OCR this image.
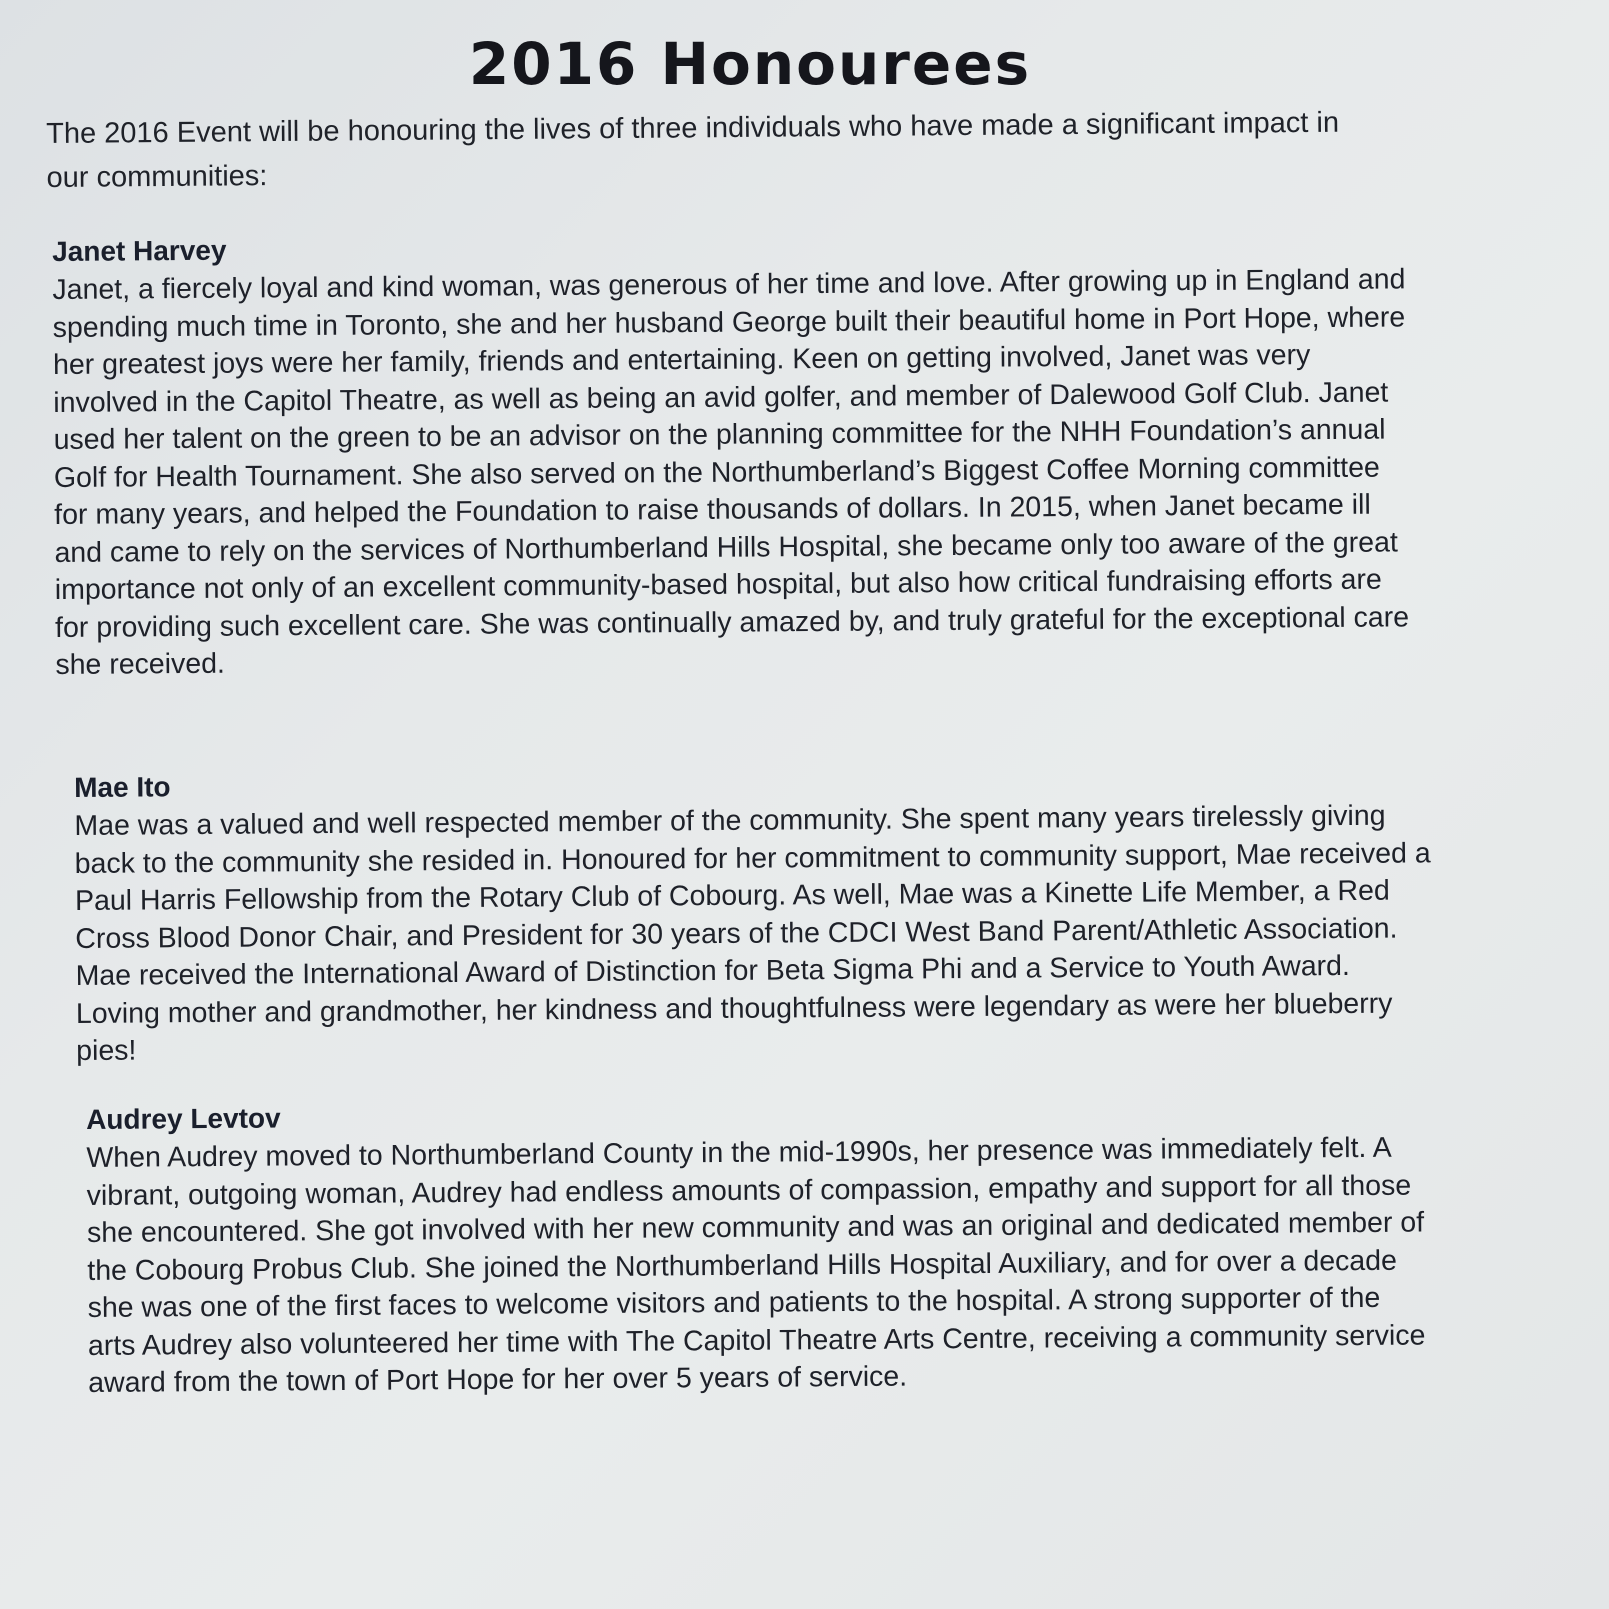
2016 Honourees

The 2016 Event will be honouring the lives of three individuals who have made a significant impact in our communities:

Janet Harvey

Janet, a fiercely loyal and kind woman, was generous of her time and love. After growing up in England and spending much time in Toronto, she and her husband George built their beautiful home in Port Hope, where her greatest joys were her family, friends and entertaining. Keen on getting involved, Janet was very involved in the Capitol Theatre, as well as being an avid golfer, and member of Dalewood Golf Club. Janet used her talent on the green to be an advisor on the planning committee for the NHH Foundation’s annual Golf for Health Tournament. She also served on the Northumberland’s Biggest Coffee Morning committee for many years, and helped the Foundation to raise thousands of dollars. In 2015, when Janet became ill and came to rely on the services of Northumberland Hills Hospital, she became only too aware of the great importance not only of an excellent community-based hospital, but also how critical fundraising efforts are for providing such excellent care. She was continually amazed by, and truly grateful for the exceptional care she received.

Mae Ito

Mae was a valued and well respected member of the community. She spent many years tirelessly giving back to the community she resided in. Honoured for her commitment to community support, Mae received a Paul Harris Fellowship from the Rotary Club of Cobourg. As well, Mae was a Kinette Life Member, a Red Cross Blood Donor Chair, and President for 30 years of the CDCI West Band Parent/Athletic Association. Mae received the International Award of Distinction for Beta Sigma Phi and a Service to Youth Award. Loving mother and grandmother, her kindness and thoughtfulness were legendary as were her blueberry pies!

Audrey Levtov

When Audrey moved to Northumberland County in the mid-1990s, her presence was immediately felt. A vibrant, outgoing woman, Audrey had endless amounts of compassion, empathy and support for all those she encountered. She got involved with her new community and was an original and dedicated member of the Cobourg Probus Club. She joined the Northumberland Hills Hospital Auxiliary, and for over a decade she was one of the first faces to welcome visitors and patients to the hospital. A strong supporter of the arts Audrey also volunteered her time with The Capitol Theatre Arts Centre, receiving a community service award from the town of Port Hope for her over 5 years of service.
